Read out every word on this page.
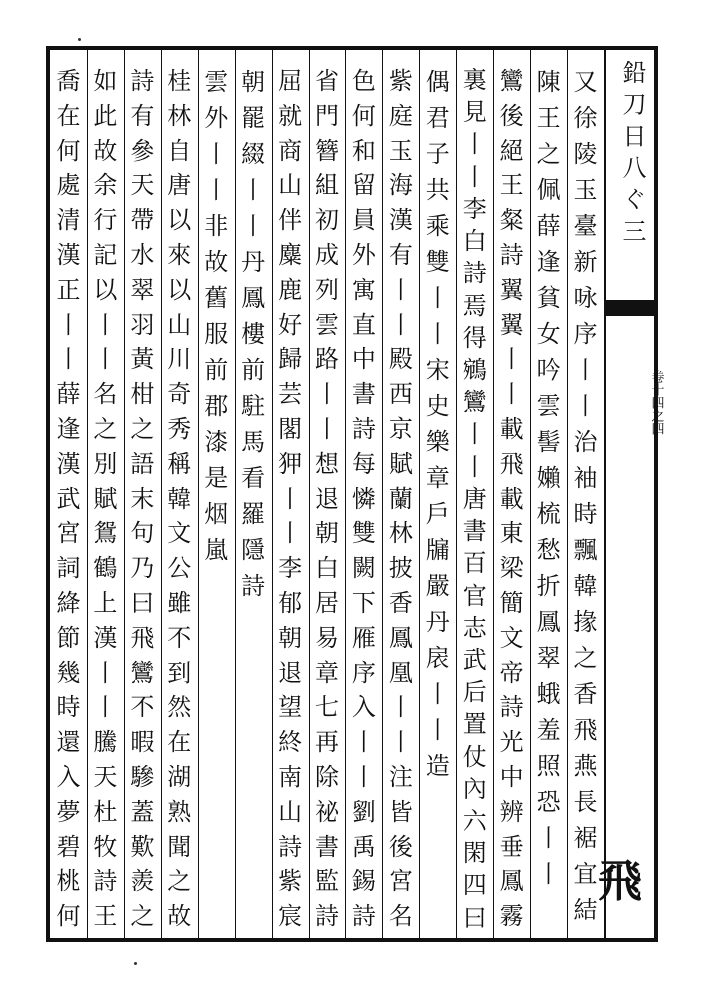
鉛 刀 日 八 ぐ 三
卷十四之四
飛
又
徐
陵
玉
臺
新
咏
序
丨
丨
治
袖
時
飄
韓
掾
之
香
飛
燕
長
裾
宜
結
陳
王
之
佩
薛
逢
貧
女
吟
雲
髻
嬾
梳
愁
折
鳳
翠
蛾
羞
照
恐
丨
丨
鸞
後
絕
王
粲
詩
翼
翼
丨
丨
載
飛
載
東
梁
簡
文
帝
詩
光
中
辨
垂
鳳
霧
裏
見
丨
丨
李
白
詩
焉
得
鵷
鸞
丨
丨
唐
書
百
官
志
武
后
置
仗
內
六
閑
四
曰
偶
君
子
共
乘
雙
丨
丨
宋
史
樂
章
戶
牖
嚴
丹
扆
丨
丨
造
紫
庭
玉
海
漢
有
丨
丨
殿
西
京
賦
蘭
林
披
香
鳳
凰
丨
丨
注
皆
後
宮
名
色
何
和
留
員
外
寓
直
中
書
詩
每
憐
雙
闕
下
雁
序
入
丨
丨
劉
禹
錫
詩
省
門
簪
組
初
成
列
雲
路
丨
丨
想
退
朝
白
居
易
章
七
再
除
祕
書
監
詩
屈
就
商
山
伴
麋
鹿
好
歸
芸
閣
狎
丨
丨
李
郁
朝
退
望
終
南
山
詩
紫
宸
朝
罷
綴
丨
丨
丹
鳳
樓
前
駐
馬
看
羅
隱
詩
雲
外
丨
丨
非
故
舊
服
前
郡
漆
是
烟
嵐
桂
林
自
唐
以
來
以
山
川
奇
秀
稱
韓
文
公
雖
不
到
然
在
湖
熟
聞
之
故
詩
有
參
天
帶
水
翠
羽
黃
柑
之
語
末
句
乃
曰
飛
鸞
不
暇
驂
蓋
歎
羨
之
如
此
故
余
行
記
以
丨
丨
名
之
別
賦
鴛
鶴
上
漢
丨
丨
騰
天
杜
牧
詩
王
喬
在
何
處
清
漢
正
丨
丨
薛
逢
漢
武
宮
詞
絳
節
幾
時
還
入
夢
碧
桃
何
